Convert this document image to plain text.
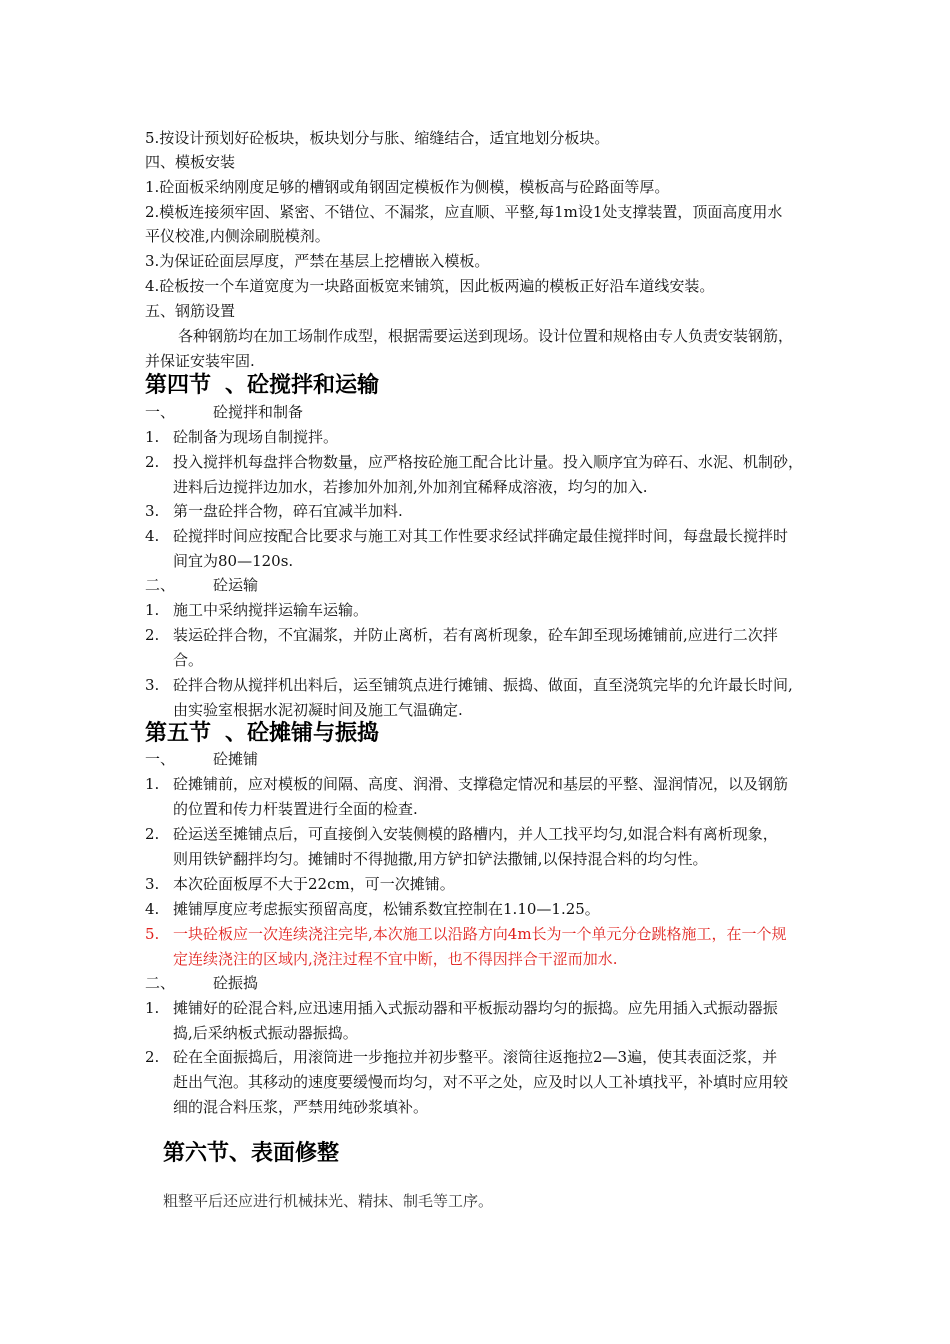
5.按设计预划好砼板块，板块划分与胀、缩缝结合，适宜地划分板块。
四、模板安装
1.砼面板采纳刚度足够的槽钢或角钢固定模板作为侧模，模板高与砼路面等厚。
2.模板连接须牢固、紧密、不错位、不漏浆，应直顺、平整,每1m设1处支撑装置，顶面高度用水
平仪校准,内侧涂刷脱模剂。
3.为保证砼面层厚度，严禁在基层上挖槽嵌入模板。
4.砼板按一个车道宽度为一块路面板宽来铺筑，因此板两遍的模板正好沿车道线安装。
五、钢筋设置
各种钢筋均在加工场制作成型，根据需要运送到现场。设计位置和规格由专人负责安装钢筋，
并保证安装牢固.
第四节 、砼搅拌和运输
一、	砼搅拌和制备
1. 砼制备为现场自制搅拌。
2. 投入搅拌机每盘拌合物数量，应严格按砼施工配合比计量。投入顺序宜为碎石、水泥、机制砂，
进料后边搅拌边加水，若掺加外加剂,外加剂宜稀释成溶液，均匀的加入.
3. 第一盘砼拌合物，碎石宜减半加料.
4. 砼搅拌时间应按配合比要求与施工对其工作性要求经试拌确定最佳搅拌时间，每盘最长搅拌时
间宜为80—120s.
二、	砼运输
1. 施工中采纳搅拌运输车运输。
2. 装运砼拌合物，不宜漏浆，并防止离析，若有离析现象，砼车卸至现场摊铺前,应进行二次拌
合。
3. 砼拌合物从搅拌机出料后，运至铺筑点进行摊铺、振捣、做面，直至浇筑完毕的允许最长时间,
由实验室根据水泥初凝时间及施工气温确定.
第五节 、砼摊铺与振捣
一、	砼摊铺
1. 砼摊铺前，应对模板的间隔、高度、润滑、支撑稳定情况和基层的平整、湿润情况，以及钢筋
的位置和传力杆装置进行全面的检查.
2. 砼运送至摊铺点后，可直接倒入安装侧模的路槽内，并人工找平均匀,如混合料有离析现象，
则用铁铲翻拌均匀。摊铺时不得抛撒,用方铲扣铲法撒铺,以保持混合料的均匀性。
3. 本次砼面板厚不大于22cm，可一次摊铺。
4. 摊铺厚度应考虑振实预留高度，松铺系数宜控制在1.10—1.25。
5. 一块砼板应一次连续浇注完毕,本次施工以沿路方向4m长为一个单元分仓跳格施工，在一个规
定连续浇注的区域内,浇注过程不宜中断，也不得因拌合干涩而加水.
二、	砼振捣
1. 摊铺好的砼混合料,应迅速用插入式振动器和平板振动器均匀的振捣。应先用插入式振动器振
捣,后采纳板式振动器振捣。
2. 砼在全面振捣后，用滚筒进一步拖拉并初步整平。滚筒往返拖拉2—3遍，使其表面泛浆，并
赶出气泡。其移动的速度要缓慢而均匀，对不平之处，应及时以人工补填找平，补填时应用较
细的混合料压浆，严禁用纯砂浆填补。
第六节、表面修整
粗整平后还应进行机械抹光、精抹、制毛等工序。
